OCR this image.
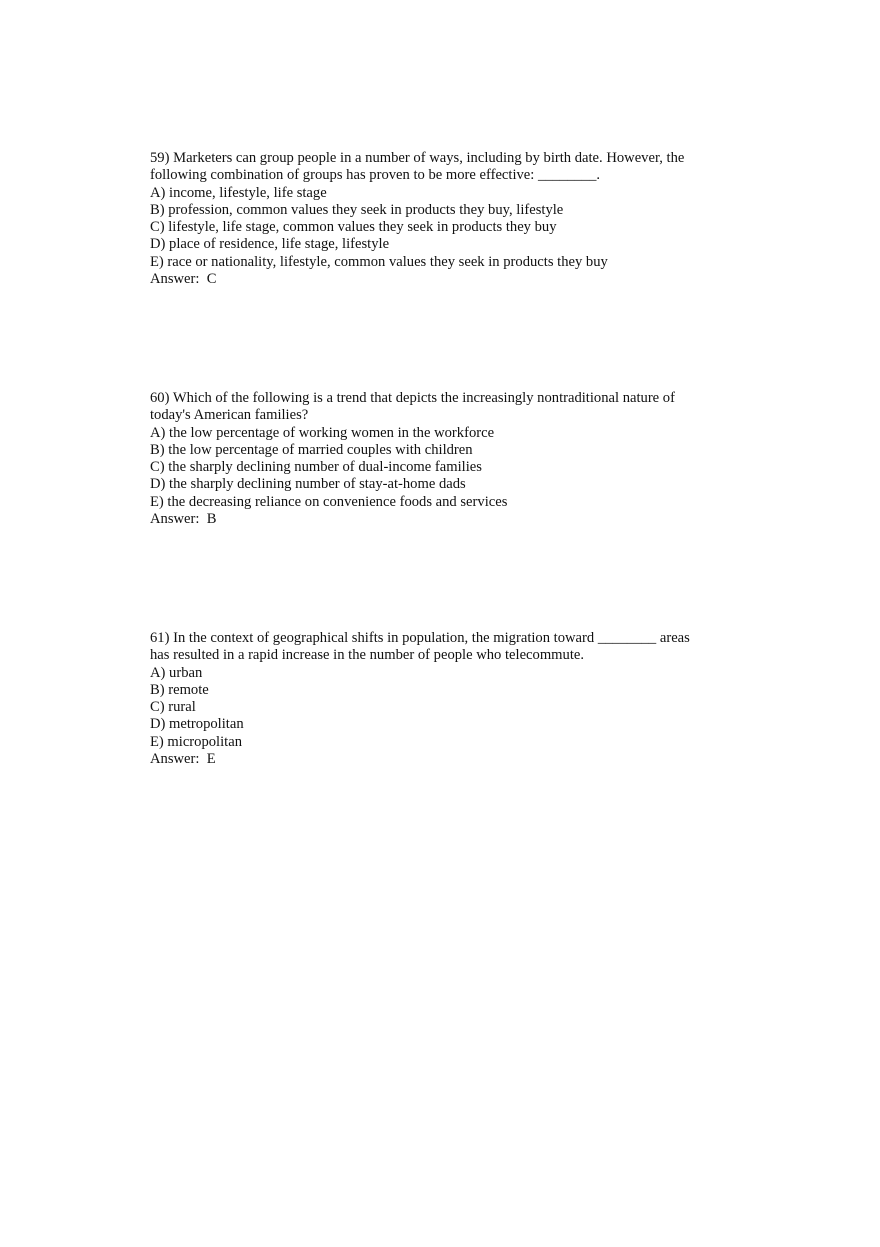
59) Marketers can group people in a number of ways, including by birth date. However, the
following combination of groups has proven to be more effective: ________.
A) income, lifestyle, life stage
B) profession, common values they seek in products they buy, lifestyle
C) lifestyle, life stage, common values they seek in products they buy
D) place of residence, life stage, lifestyle
E) race or nationality, lifestyle, common values they seek in products they buy
Answer:  C
60) Which of the following is a trend that depicts the increasingly nontraditional nature of
today's American families?
A) the low percentage of working women in the workforce
B) the low percentage of married couples with children
C) the sharply declining number of dual-income families
D) the sharply declining number of stay-at-home dads
E) the decreasing reliance on convenience foods and services
Answer:  B
61) In the context of geographical shifts in population, the migration toward ________ areas
has resulted in a rapid increase in the number of people who telecommute.
A) urban
B) remote
C) rural
D) metropolitan
E) micropolitan
Answer:  E
